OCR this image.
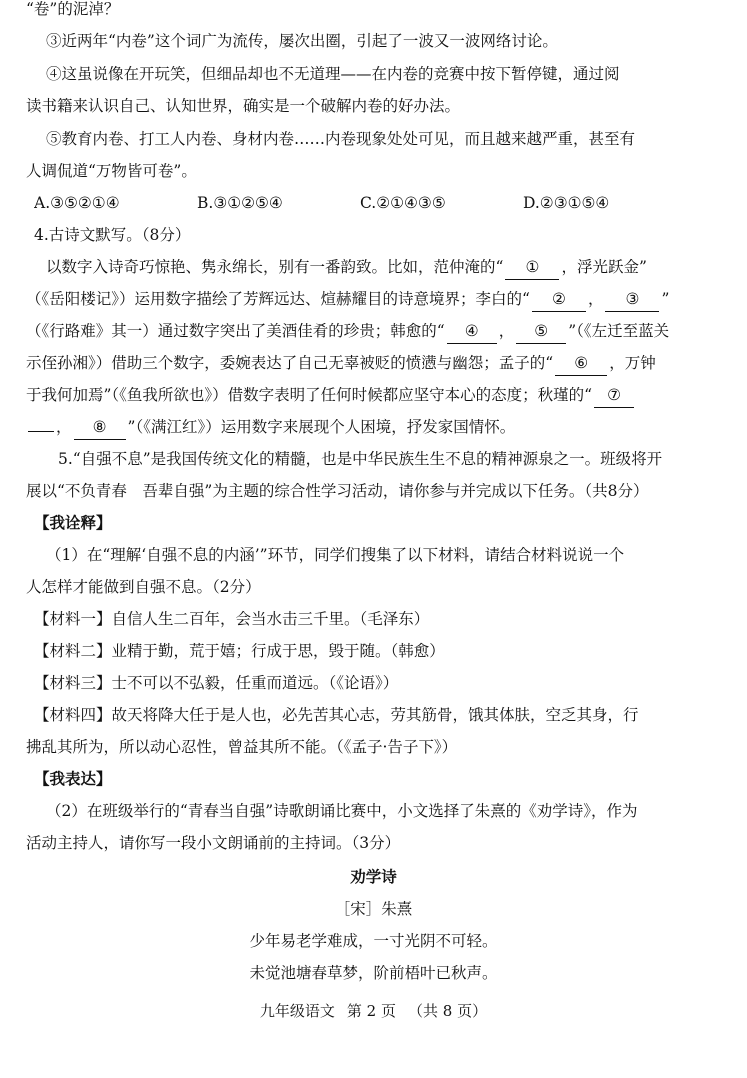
“卷”的泥淖？
③近两年“内卷”这个词广为流传，屡次出圈，引起了一波又一波网络讨论。
④这虽说像在开玩笑，但细品却也不无道理——在内卷的竞赛中按下暂停键，通过阅
读书籍来认识自己、认知世界，确实是一个破解内卷的好办法。
⑤教育内卷、打工人内卷、身材内卷……内卷现象处处可见，而且越来越严重，甚至有
人调侃道“万物皆可卷”。
A.③⑤②①④	B.③①②⑤④	C.②①④③⑤	D.②③①⑤④
4.古诗文默写。（8分）
以数字入诗奇巧惊艳、隽永绵长，别有一番韵致。比如，范仲淹的“ ① ，浮光跃金”
（《岳阳楼记》）运用数字描绘了芳辉远达、煊赫耀目的诗意境界；李白的“ ② ， ③ ”
（《行路难》其一）通过数字突出了美酒佳肴的珍贵；韩愈的“ ④ ， ⑤ ”（《左迁至蓝关
示侄孙湘》）借助三个数字，委婉表达了自己无辜被贬的愤懑与幽怨；孟子的“ ⑥ ，万钟
于我何加焉”（《鱼我所欲也》）借数字表明了任何时候都应坚守本心的态度；秋瑾的“ ⑦
， ⑧ ”（《满江红》）运用数字来展现个人困境，抒发家国情怀。
5.“自强不息”是我国传统文化的精髓，也是中华民族生生不息的精神源泉之一。班级将开
展以“不负青春　吾辈自强”为主题的综合性学习活动，请你参与并完成以下任务。（共8分）
【我诠释】
（1）在“理解‘自强不息的内涵’”环节，同学们搜集了以下材料，请结合材料说说一个
人怎样才能做到自强不息。（2分）
【材料一】自信人生二百年，会当水击三千里。（毛泽东）
【材料二】业精于勤，荒于嬉；行成于思，毁于随。（韩愈）
【材料三】士不可以不弘毅，任重而道远。（《论语》）
【材料四】故天将降大任于是人也，必先苦其心志，劳其筋骨，饿其体肤，空乏其身，行
拂乱其所为，所以动心忍性，曾益其所不能。（《孟子·告子下》）
【我表达】
（2）在班级举行的“青春当自强”诗歌朗诵比赛中，小文选择了朱熹的《劝学诗》，作为
活动主持人，请你写一段小文朗诵前的主持词。（3分）
劝学诗
［宋］朱熹
少年易老学难成，一寸光阴不可轻。
未觉池塘春草梦，阶前梧叶已秋声。
九年级语文 第 2 页 （共 8 页）
